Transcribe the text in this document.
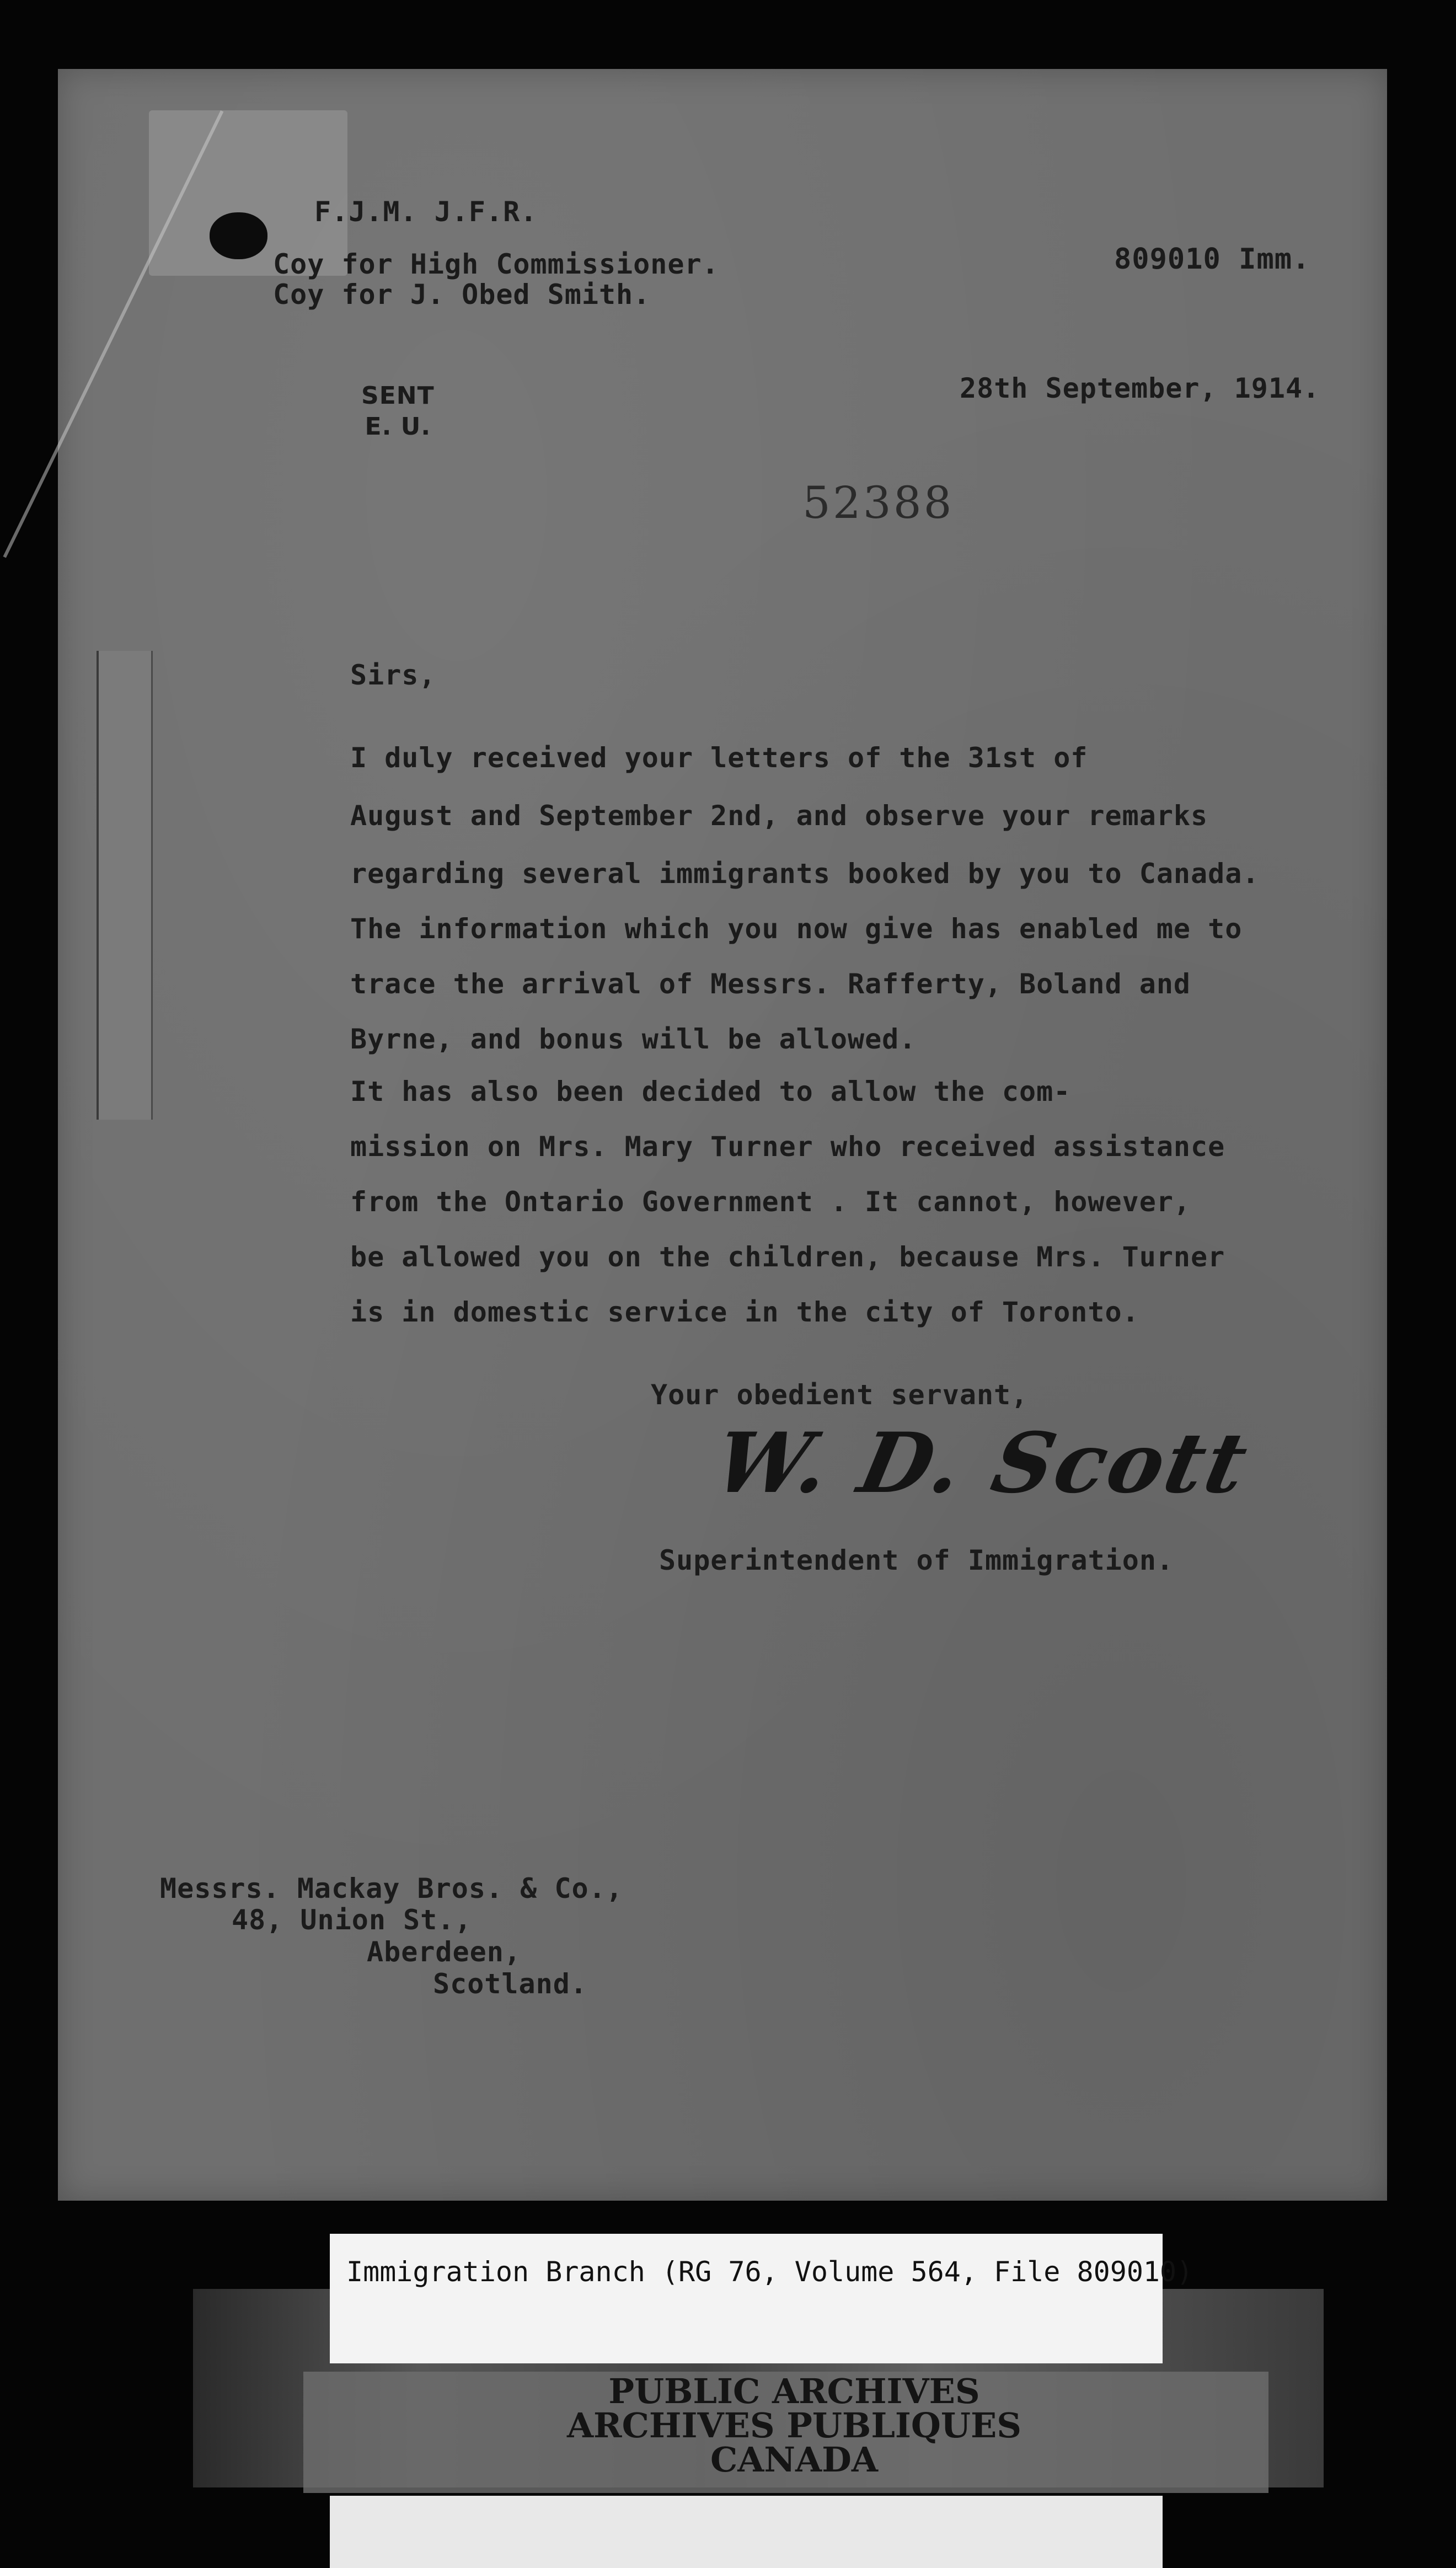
F.J.M. J.F.R.
Coy for High Commissioner.
Coy for J. Obed Smith.
809010 Imm.
SENT
E. U.
28th September, 1914.
52388
Sirs,
I duly received your letters of the 31st of
August and September 2nd, and observe your remarks
regarding several immigrants booked by you to Canada.
The information which you now give has enabled me to
trace the arrival of Messrs. Rafferty, Boland and
Byrne, and bonus will be allowed.
It has also been decided to allow the com-
mission on Mrs. Mary Turner who received assistance
from the Ontario Government . It cannot, however,
be allowed you on the children, because Mrs. Turner
is in domestic service in the city of Toronto.
Your obedient servant,
W. D. Scott
Superintendent of Immigration.
Messrs. Mackay Bros. & Co.,
48, Union St.,
Aberdeen,
Scotland.
Immigration Branch (RG 76, Volume 564, File 809010)
PUBLIC ARCHIVES
ARCHIVES PUBLIQUES
CANADA
